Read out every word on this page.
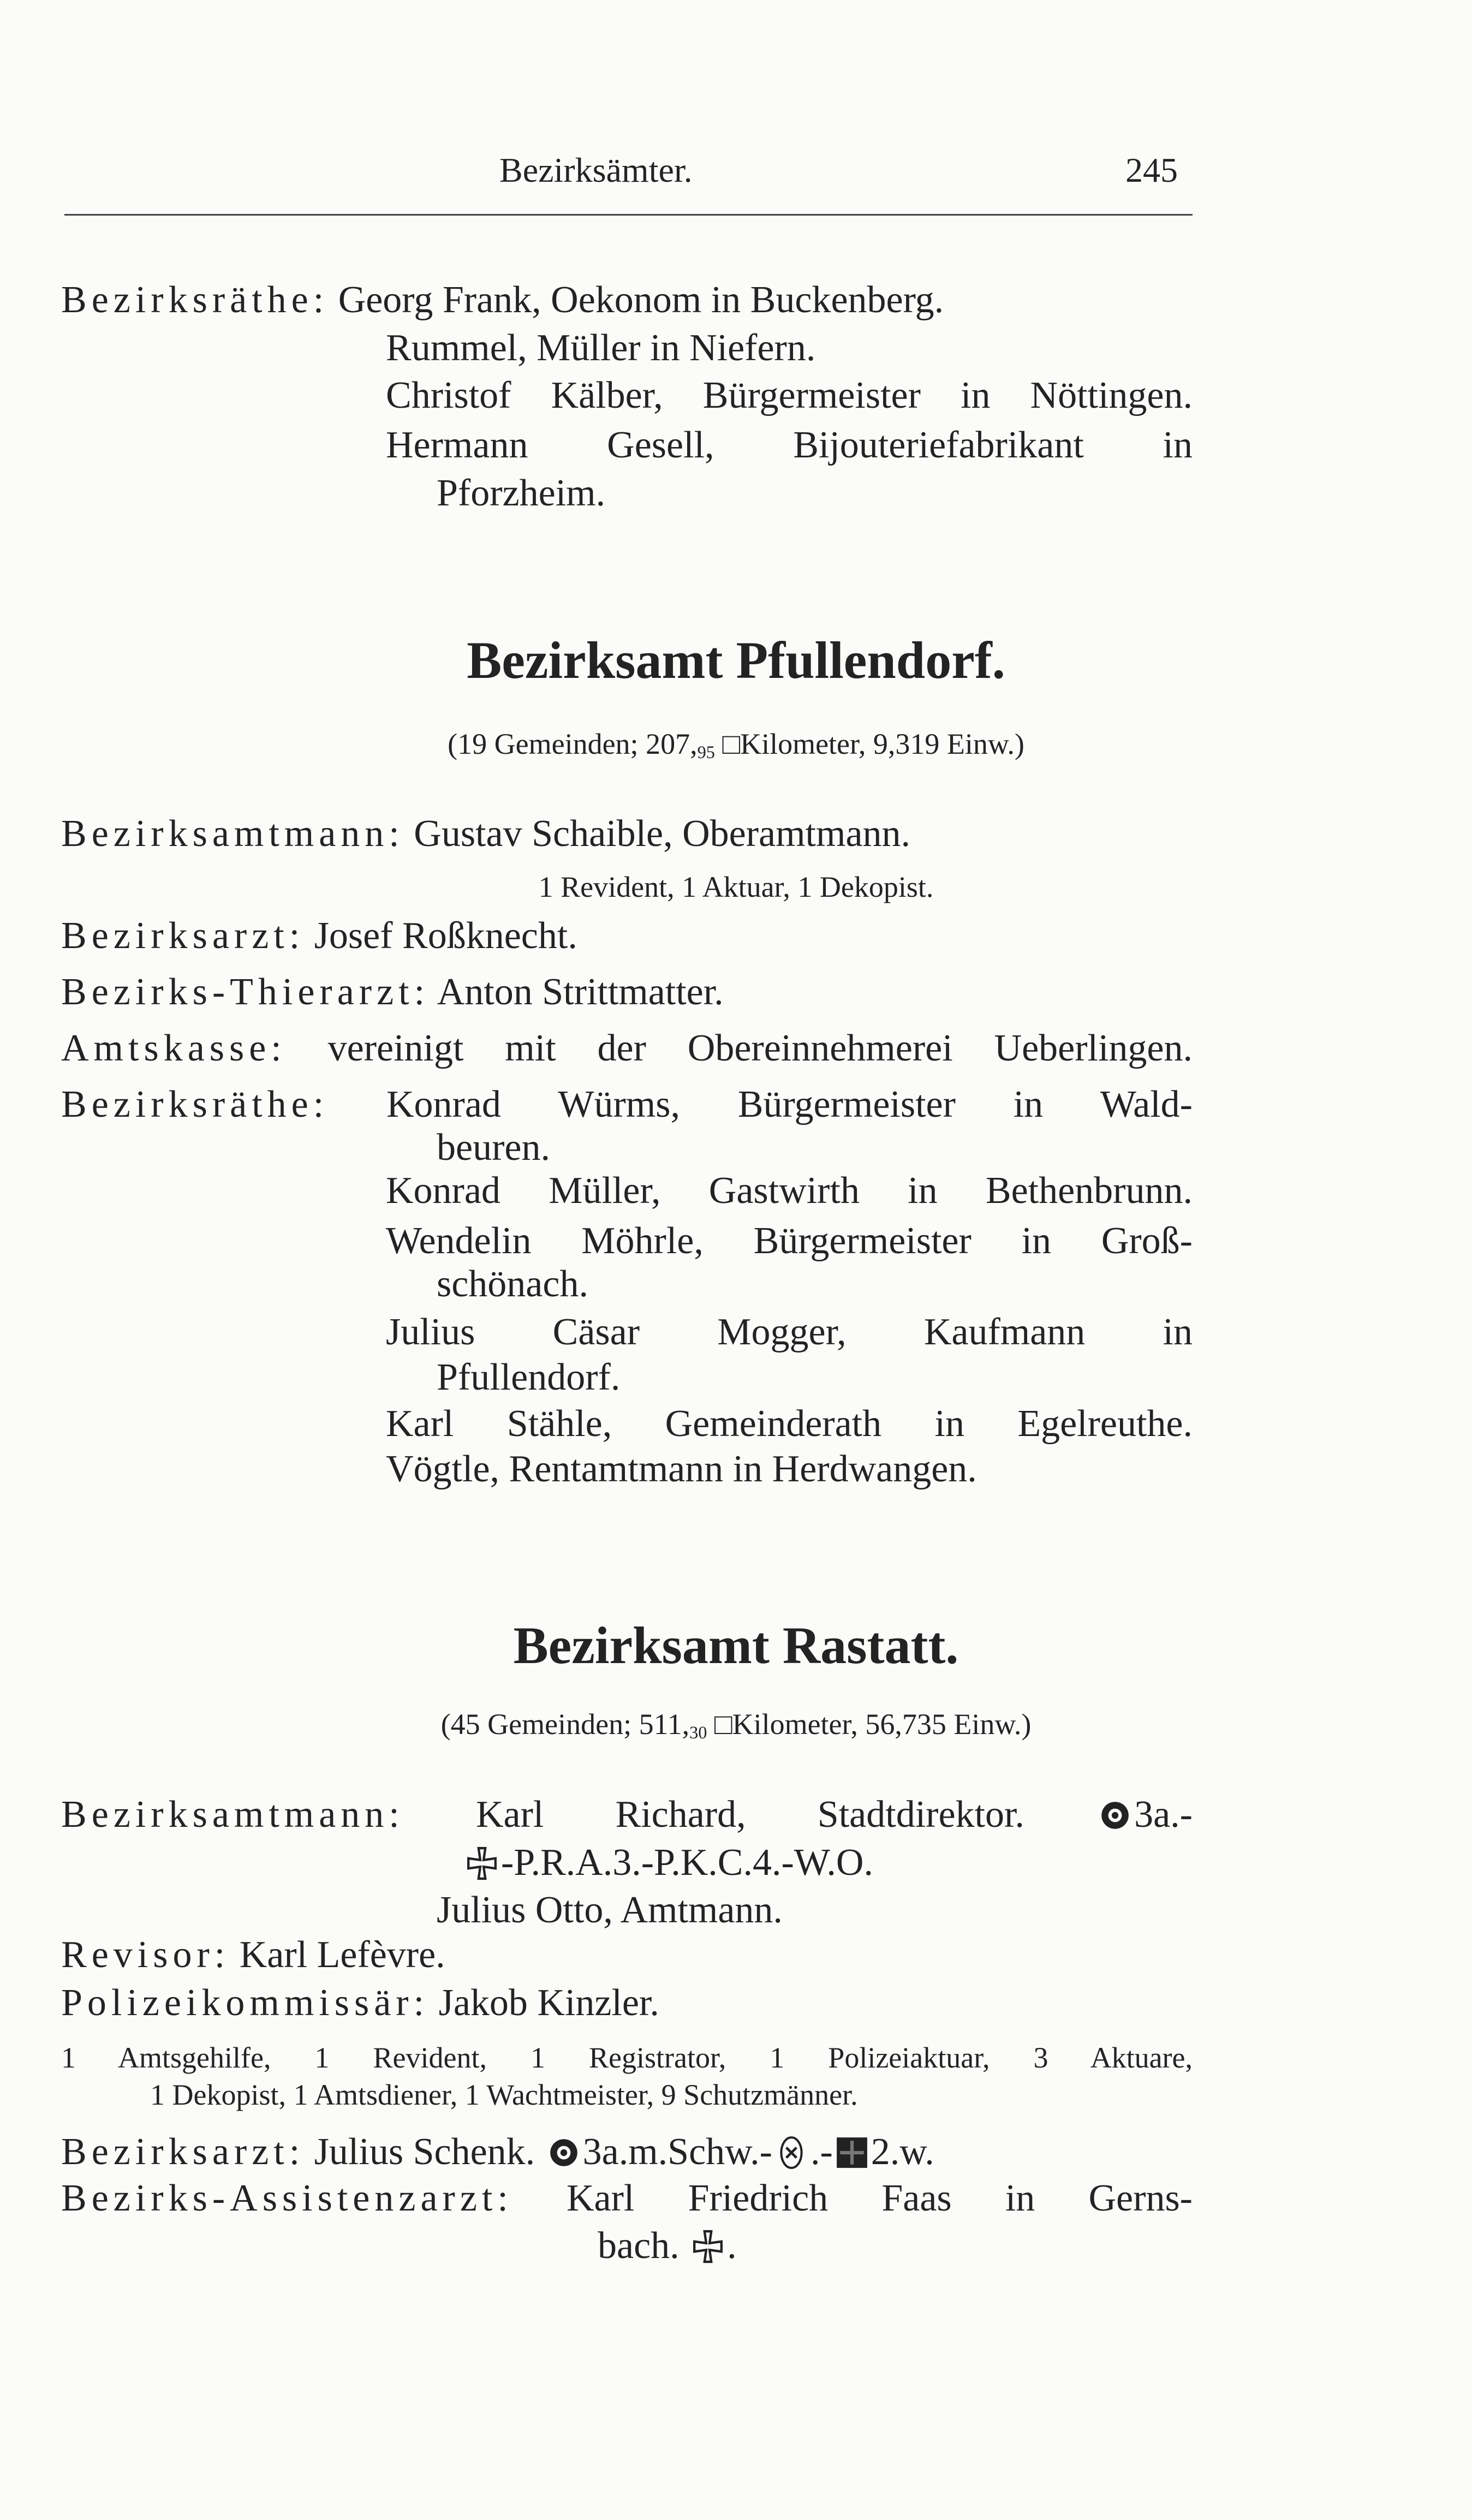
Bezirksämter.	245
Bezirksräthe: Georg Frank, Oekonom in Buckenberg.
Rummel, Müller in Niefern.
Christof Kälber, Bürgermeister in Nöttingen.
Hermann Gesell, Bijouteriefabrikant in
Pforzheim.
Bezirksamt Pfullendorf.
(19 Gemeinden; $207,_{95}$ □Kilometer, 9,319 Einw.)
Bezirksamtmann: Gustav Schaible, Oberamtmann.
1 Revident, 1 Aktuar, 1 Dekopist.
Bezirksarzt: Josef Roßknecht.
Bezirks-Thierarzt: Anton Strittmatter.
Amtskasse: vereinigt mit der Obereinnehmerei Ueberlingen.
Bezirksräthe: Konrad Würms, Bürgermeister in Wald-
beuren.
Konrad Müller, Gastwirth in Bethenbrunn.
Wendelin Möhrle, Bürgermeister in Groß-
schönach.
Julius Cäsar Mogger, Kaufmann in
Pfullendorf.
Karl Stähle, Gemeinderath in Egelreuthe.
Vögtle, Rentamtmann in Herdwangen.
Bezirksamt Rastatt.
(45 Gemeinden; $511,_{30}$ □Kilometer, 56,735 Einw.)
Bezirksamtmann: Karl Richard, Stadtdirektor.	3a.-
-P.R.A.3.-P.K.C.4.-W.O.
Julius Otto, Amtmann.
Revisor: Karl Lefèvre.
Polizeikommissär: Jakob Kinzler.
1 Amtsgehilfe, 1 Revident, 1 Registrator, 1 Polizeiaktuar, 3 Aktuare,
1 Dekopist, 1 Amtsdiener, 1 Wachtmeister, 9 Schutzmänner.
Bezirksarzt: Julius Schenk. 3a.m.Schw.- .- 2.w.
Bezirks-Assistenzarzt: Karl Friedrich Faas in Gerns-
bach. .
